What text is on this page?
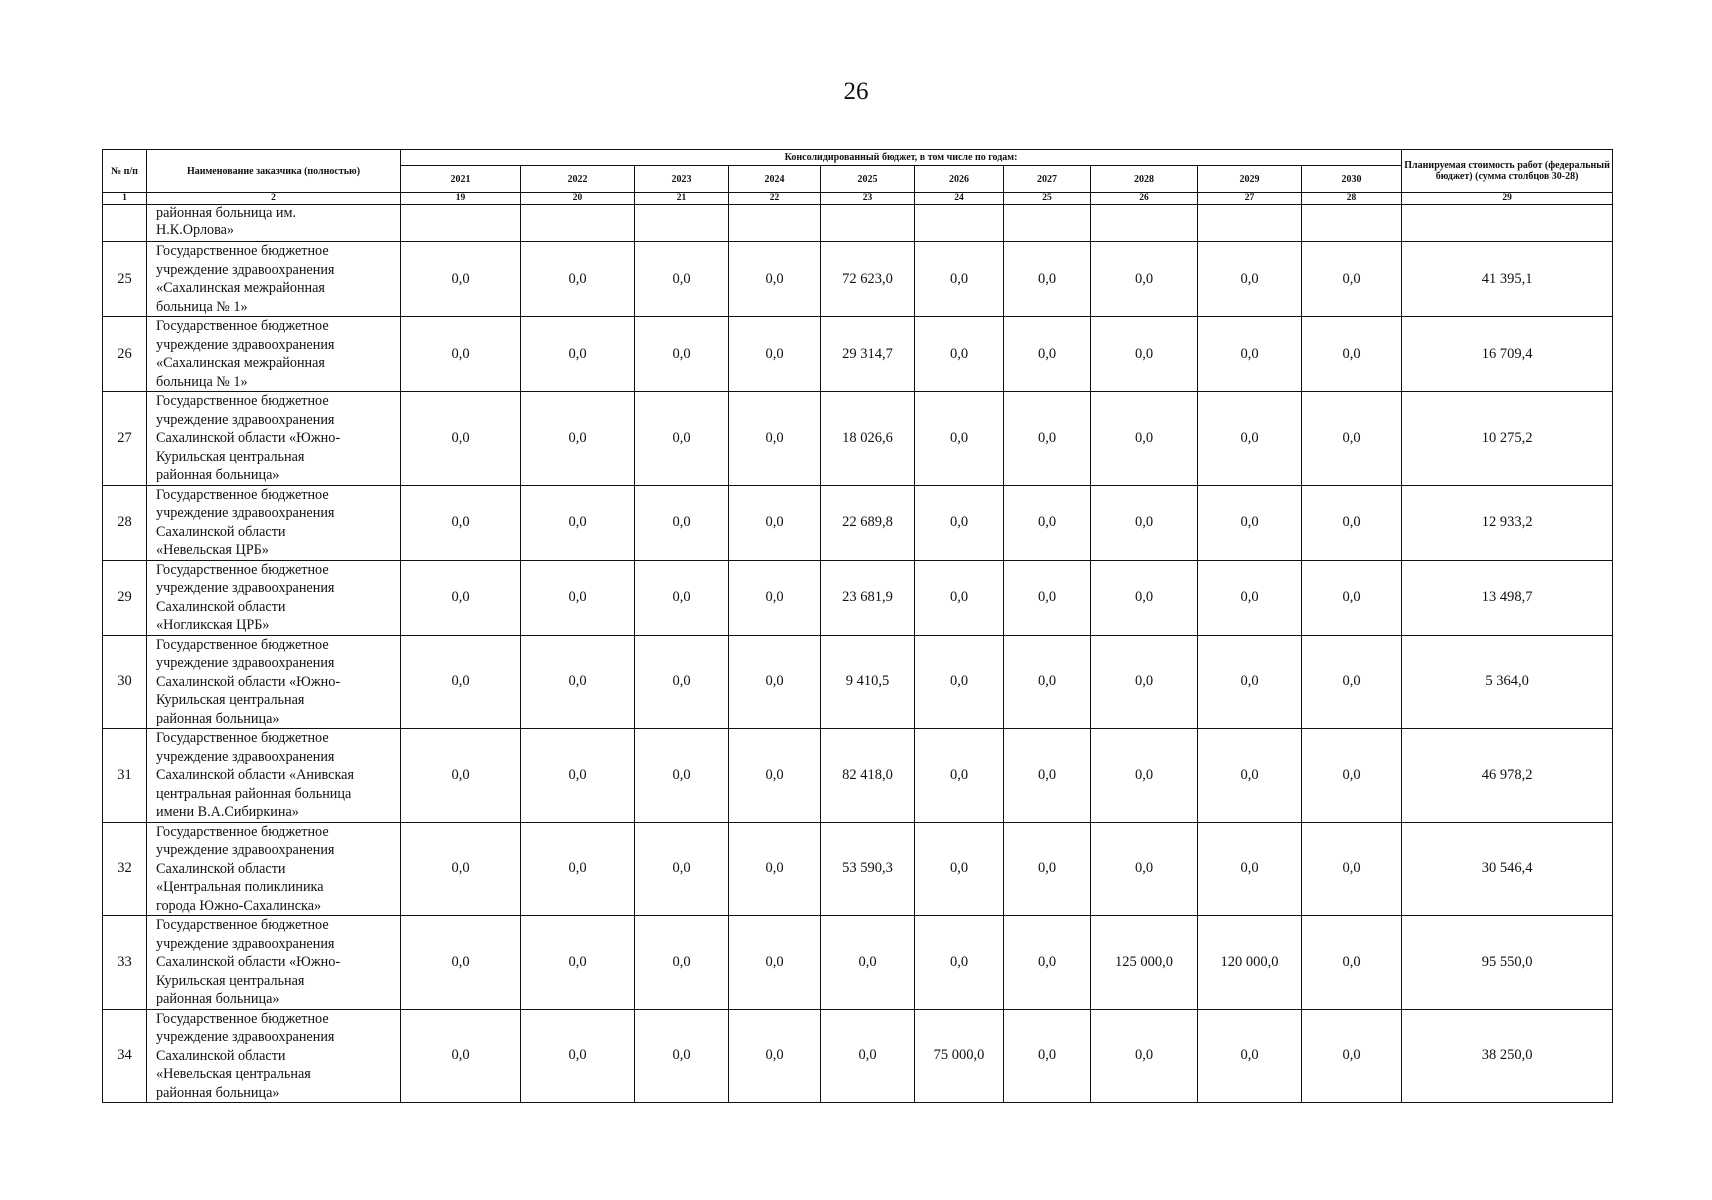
26
№ п/п	Наименование заказчика (полностью)	Консолидированный бюджет, в том числе по годам:										Планируемая стоимость работ (федеральный бюджет) (сумма столбцов 30-28)
		2021	2022	2023	2024	2025	2026	2027	2028	2029	2030	
1	2	19	20	21	22	23	24	25	26	27	28	29

	районная больница им.
Н.К.Орлова»											

25	Государственное бюджетное
учреждение здравоохранения
«Сахалинская межрайонная
больница № 1»	0,0	0,0	0,0	0,0	72 623,0	0,0	0,0	0,0	0,0	0,0	41 395,1
26	Государственное бюджетное
учреждение здравоохранения
«Сахалинская межрайонная
больница № 1»	0,0	0,0	0,0	0,0	29 314,7	0,0	0,0	0,0	0,0	0,0	16 709,4
27	Государственное бюджетное
учреждение здравоохранения
Сахалинской области «Южно-
Курильская центральная
районная больница»	0,0	0,0	0,0	0,0	18 026,6	0,0	0,0	0,0	0,0	0,0	10 275,2
28	Государственное бюджетное
учреждение здравоохранения
Сахалинской области
«Невельская ЦРБ»	0,0	0,0	0,0	0,0	22 689,8	0,0	0,0	0,0	0,0	0,0	12 933,2
29	Государственное бюджетное
учреждение здравоохранения
Сахалинской области
«Ногликская ЦРБ»	0,0	0,0	0,0	0,0	23 681,9	0,0	0,0	0,0	0,0	0,0	13 498,7
30	Государственное бюджетное
учреждение здравоохранения
Сахалинской области «Южно-
Курильская центральная
районная больница»	0,0	0,0	0,0	0,0	9 410,5	0,0	0,0	0,0	0,0	0,0	5 364,0
31	Государственное бюджетное
учреждение здравоохранения
Сахалинской области «Анивская
центральная районная больница
имени В.А.Сибиркина»	0,0	0,0	0,0	0,0	82 418,0	0,0	0,0	0,0	0,0	0,0	46 978,2
32	Государственное бюджетное
учреждение здравоохранения
Сахалинской области
«Центральная поликлиника
города Южно-Сахалинска»	0,0	0,0	0,0	0,0	53 590,3	0,0	0,0	0,0	0,0	0,0	30 546,4
33	Государственное бюджетное
учреждение здравоохранения
Сахалинской области «Южно-
Курильская центральная
районная больница»	0,0	0,0	0,0	0,0	0,0	0,0	0,0	125 000,0	120 000,0	0,0	95 550,0
34	Государственное бюджетное
учреждение здравоохранения
Сахалинской области
«Невельская центральная
районная больница»	0,0	0,0	0,0	0,0	0,0	75 000,0	0,0	0,0	0,0	0,0	38 250,0
